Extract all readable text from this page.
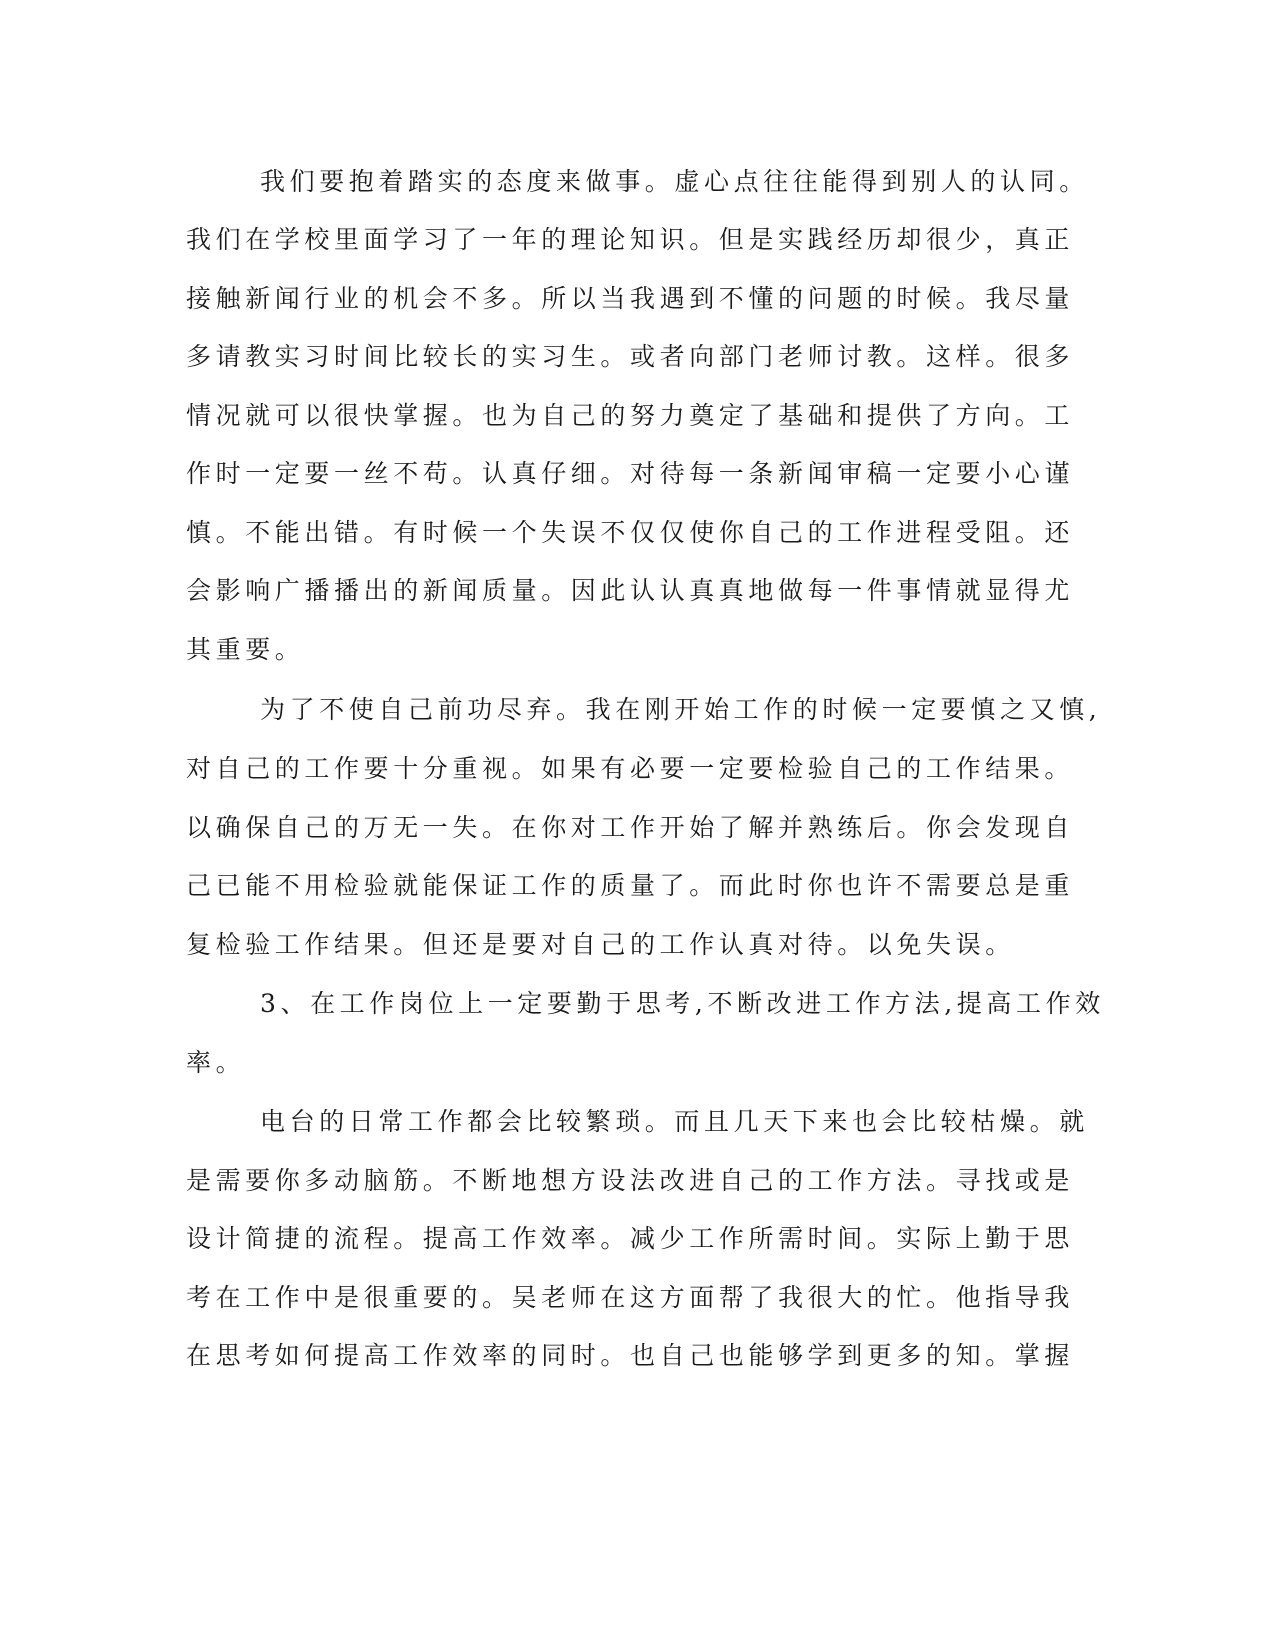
我们要抱着踏实的态度来做事。虚心点往往能得到别人的认同。
我们在学校里面学习了一年的理论知识。但是实践经历却很少，真正
接触新闻行业的机会不多。所以当我遇到不懂的问题的时候。我尽量
多请教实习时间比较长的实习生。或者向部门老师讨教。这样。很多
情况就可以很快掌握。也为自己的努力奠定了基础和提供了方向。工
作时一定要一丝不苟。认真仔细。对待每一条新闻审稿一定要小心谨
慎。不能出错。有时候一个失误不仅仅使你自己的工作进程受阻。还
会影响广播播出的新闻质量。因此认认真真地做每一件事情就显得尤
其重要。
为了不使自己前功尽弃。我在刚开始工作的时候一定要慎之又慎,
对自己的工作要十分重视。如果有必要一定要检验自己的工作结果。
以确保自己的万无一失。在你对工作开始了解并熟练后。你会发现自
己已能不用检验就能保证工作的质量了。而此时你也许不需要总是重
复检验工作结果。但还是要对自己的工作认真对待。以免失误。
3、在工作岗位上一定要勤于思考,不断改进工作方法,提高工作效
率。
电台的日常工作都会比较繁琐。而且几天下来也会比较枯燥。就
是需要你多动脑筋。不断地想方设法改进自己的工作方法。寻找或是
设计简捷的流程。提高工作效率。减少工作所需时间。实际上勤于思
考在工作中是很重要的。吴老师在这方面帮了我很大的忙。他指导我
在思考如何提高工作效率的同时。也自己也能够学到更多的知。掌握
